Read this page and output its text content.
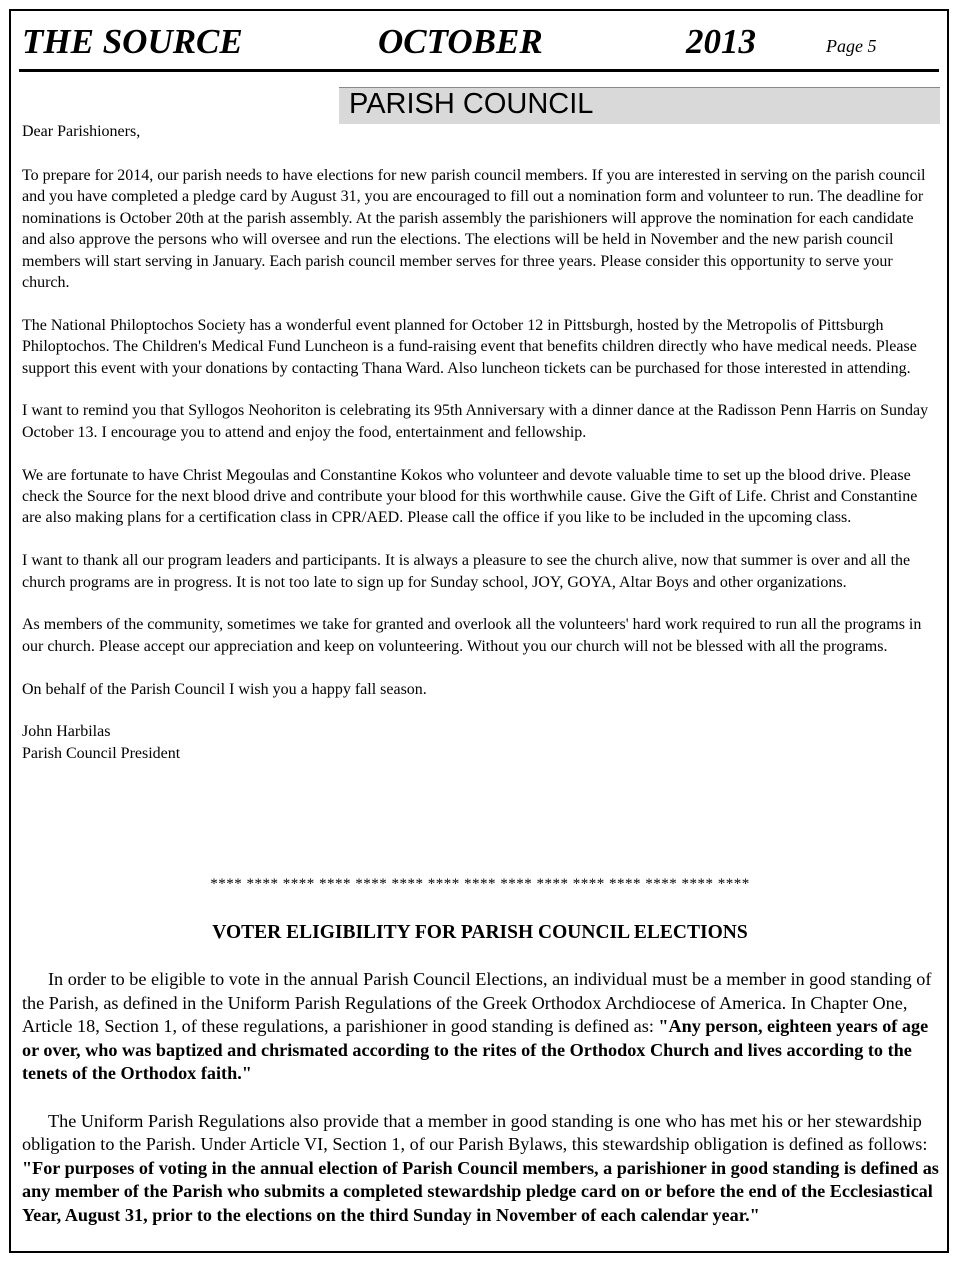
THE SOURCE	OCTOBER	2013	Page 5
PARISH COUNCIL
Dear Parishioners,

To prepare for 2014, our parish needs to have elections for new parish council members. If you are interested in serving on the parish council and you have completed a pledge card by August 31, you are encouraged to fill out a nomination form and volunteer to run. The deadline for nominations is October 20th at the parish assembly. At the parish assembly the parishioners will approve the nomination for each candidate and also approve the persons who will oversee and run the elections. The elections will be held in November and the new parish council members will start serving in January. Each parish council member serves for three years. Please consider this opportunity to serve your church.

The National Philoptochos Society has a wonderful event planned for October 12 in Pittsburgh, hosted by the Metropolis of Pittsburgh Philoptochos. The Children's Medical Fund Luncheon is a fund-raising event that benefits children directly who have medical needs. Please support this event with your donations by contacting Thana Ward. Also luncheon tickets can be purchased for those interested in attending.

I want to remind you that Syllogos Neohoriton is celebrating its 95th Anniversary with a dinner dance at the Radisson Penn Harris on Sunday October 13. I encourage you to attend and enjoy the food, entertainment and fellowship.

We are fortunate to have Christ Megoulas and Constantine Kokos who volunteer and devote valuable time to set up the blood drive. Please check the Source for the next blood drive and contribute your blood for this worthwhile cause. Give the Gift of Life. Christ and Constantine are also making plans for a certification class in CPR/AED. Please call the office if you like to be included in the upcoming class.

I want to thank all our program leaders and participants. It is always a pleasure to see the church alive, now that summer is over and all the church programs are in progress. It is not too late to sign up for Sunday school, JOY, GOYA, Altar Boys and other organizations.

As members of the community, sometimes we take for granted and overlook all the volunteers' hard work required to run all the programs in our church. Please accept our appreciation and keep on volunteering. Without you our church will not be blessed with all the programs.

On behalf of the Parish Council I wish you a happy fall season.

John Harbilas

Parish Council President

**** **** **** **** **** **** **** **** **** **** **** **** **** **** ****
VOTER ELIGIBILITY FOR PARISH COUNCIL ELECTIONS

In order to be eligible to vote in the annual Parish Council Elections, an individual must be a member in good standing of the Parish, as defined in the Uniform Parish Regulations of the Greek Orthodox Archdiocese of America. In Chapter One, Article 18, Section 1, of these regulations, a parishioner in good standing is defined as: "Any person, eighteen years of age or over, who was baptized and chrismated according to the rites of the Orthodox Church and lives according to the tenets of the Orthodox faith."

The Uniform Parish Regulations also provide that a member in good standing is one who has met his or her stewardship obligation to the Parish. Under Article VI, Section 1, of our Parish Bylaws, this stewardship obligation is defined as follows: "For purposes of voting in the annual election of Parish Council members, a parishioner in good standing is defined as any member of the Parish who submits a completed stewardship pledge card on or before the end of the Ecclesiastical Year, August 31, prior to the elections on the third Sunday in November of each calendar year."
